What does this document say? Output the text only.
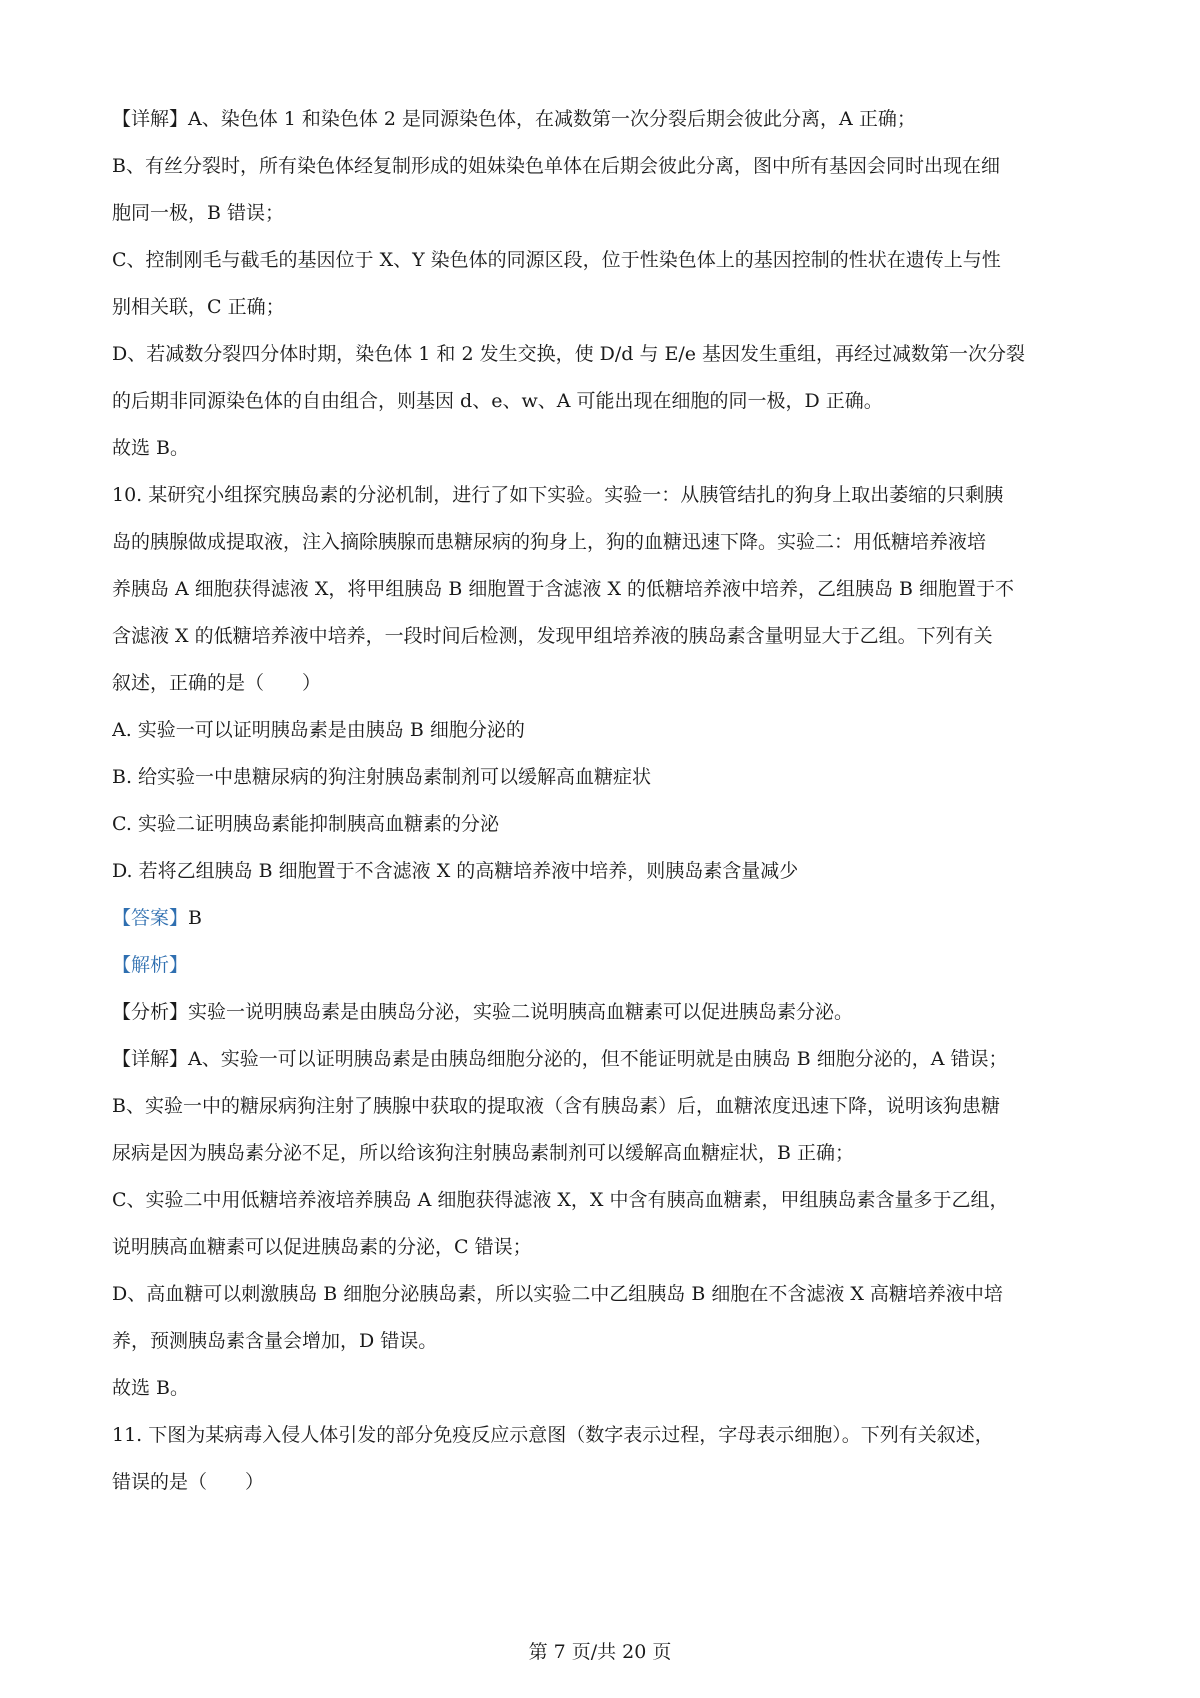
【详解】A、染色体 1 和染色体 2 是同源染色体，在减数第一次分裂后期会彼此分离，A 正确；
B、有丝分裂时，所有染色体经复制形成的姐妹染色单体在后期会彼此分离，图中所有基因会同时出现在细
胞同一极，B 错误；
C、控制刚毛与截毛的基因位于 X、Y 染色体的同源区段，位于性染色体上的基因控制的性状在遗传上与性
别相关联，C 正确；
D、若减数分裂四分体时期，染色体 1 和 2 发生交换，使 D/d 与 E/e 基因发生重组，再经过减数第一次分裂
的后期非同源染色体的自由组合，则基因 d、e、w、A 可能出现在细胞的同一极，D 正确。
故选 B。
10. 某研究小组探究胰岛素的分泌机制，进行了如下实验。实验一：从胰管结扎的狗身上取出萎缩的只剩胰
岛的胰腺做成提取液，注入摘除胰腺而患糖尿病的狗身上，狗的血糖迅速下降。实验二：用低糖培养液培
养胰岛 A 细胞获得滤液 X，将甲组胰岛 B 细胞置于含滤液 X 的低糖培养液中培养，乙组胰岛 B 细胞置于不
含滤液 X 的低糖培养液中培养，一段时间后检测，发现甲组培养液的胰岛素含量明显大于乙组。下列有关
叙述，正确的是（　　）
A. 实验一可以证明胰岛素是由胰岛 B 细胞分泌的
B. 给实验一中患糖尿病的狗注射胰岛素制剂可以缓解高血糖症状
C. 实验二证明胰岛素能抑制胰高血糖素的分泌
D. 若将乙组胰岛 B 细胞置于不含滤液 X 的高糖培养液中培养，则胰岛素含量减少
【答案】B
【解析】
【分析】实验一说明胰岛素是由胰岛分泌，实验二说明胰高血糖素可以促进胰岛素分泌。
【详解】A、实验一可以证明胰岛素是由胰岛细胞分泌的，但不能证明就是由胰岛 B 细胞分泌的，A 错误；
B、实验一中的糖尿病狗注射了胰腺中获取的提取液（含有胰岛素）后，血糖浓度迅速下降，说明该狗患糖
尿病是因为胰岛素分泌不足，所以给该狗注射胰岛素制剂可以缓解高血糖症状，B 正确；
C、实验二中用低糖培养液培养胰岛 A 细胞获得滤液 X，X 中含有胰高血糖素，甲组胰岛素含量多于乙组，
说明胰高血糖素可以促进胰岛素的分泌，C 错误；
D、高血糖可以刺激胰岛 B 细胞分泌胰岛素，所以实验二中乙组胰岛 B 细胞在不含滤液 X 高糖培养液中培
养，预测胰岛素含量会增加，D 错误。
故选 B。
11. 下图为某病毒入侵人体引发的部分免疫反应示意图（数字表示过程，字母表示细胞）。下列有关叙述，
错误的是（　　）
第 7 页/共 20 页
